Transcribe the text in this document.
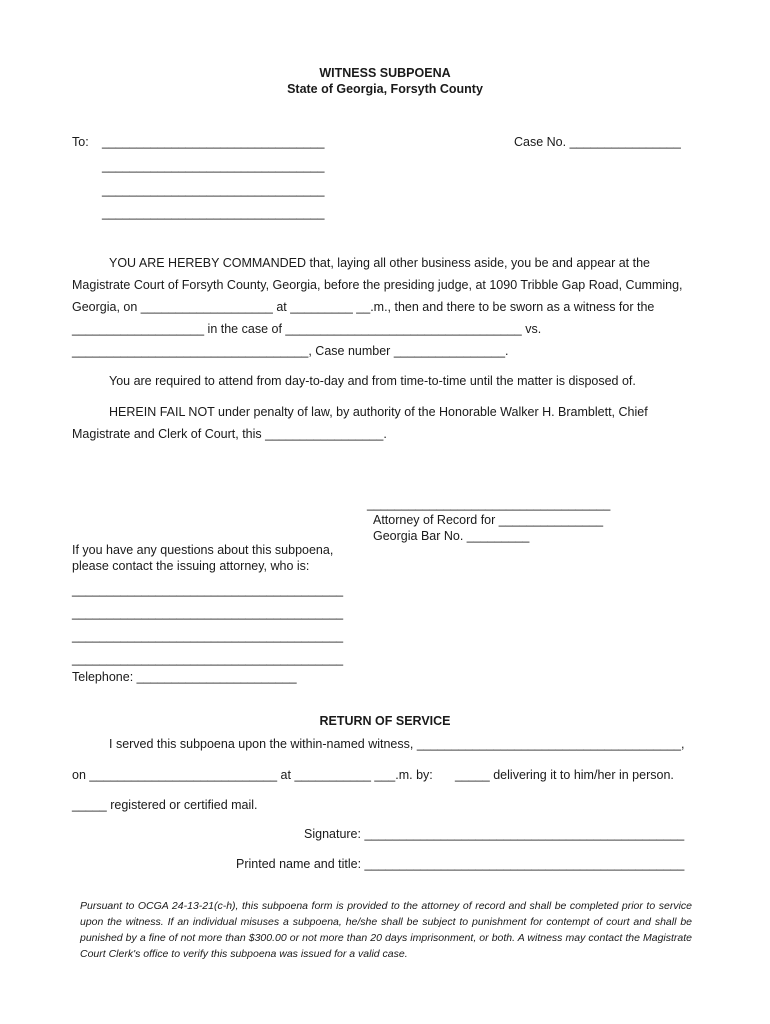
WITNESS SUBPOENA
State of Georgia, Forsyth County
To: ________________________________
________________________________
________________________________
________________________________
Case No. ________________
YOU ARE HEREBY COMMANDED that, laying all other business aside, you be and appear at the
Magistrate Court of Forsyth County, Georgia, before the presiding judge, at 1090 Tribble Gap Road, Cumming,
Georgia, on ___________________ at _________ __.m., then and there to be sworn as a witness for the
___________________ in the case of __________________________________ vs.
__________________________________, Case number ________________.
You are required to attend from day-to-day and from time-to-time until the matter is disposed of.
HEREIN FAIL NOT under penalty of law, by authority of the Honorable Walker H. Bramblett, Chief
Magistrate and Clerk of Court, this _________________.
___________________________________
Attorney of Record for _______________
Georgia Bar No. _________
If you have any questions about this subpoena,
please contact the issuing attorney, who is:
_______________________________________
_______________________________________
_______________________________________
_______________________________________
Telephone: _______________________
RETURN OF SERVICE
I served this subpoena upon the within-named witness, ______________________________________,
on ___________________________ at ___________ ___.m. by: _____ delivering it to him/her in person.
_____ registered or certified mail.
Signature: ______________________________________________
Printed name and title: ______________________________________________
Pursuant to OCGA 24-13-21(c-h), this subpoena form is provided to the attorney of record and shall be completed prior to service upon the witness. If an individual misuses a subpoena, he/she shall be subject to punishment for contempt of court and shall be punished by a fine of not more than $300.00 or not more than 20 days imprisonment, or both. A witness may contact the Magistrate Court Clerk's office to verify this subpoena was issued for a valid case.
